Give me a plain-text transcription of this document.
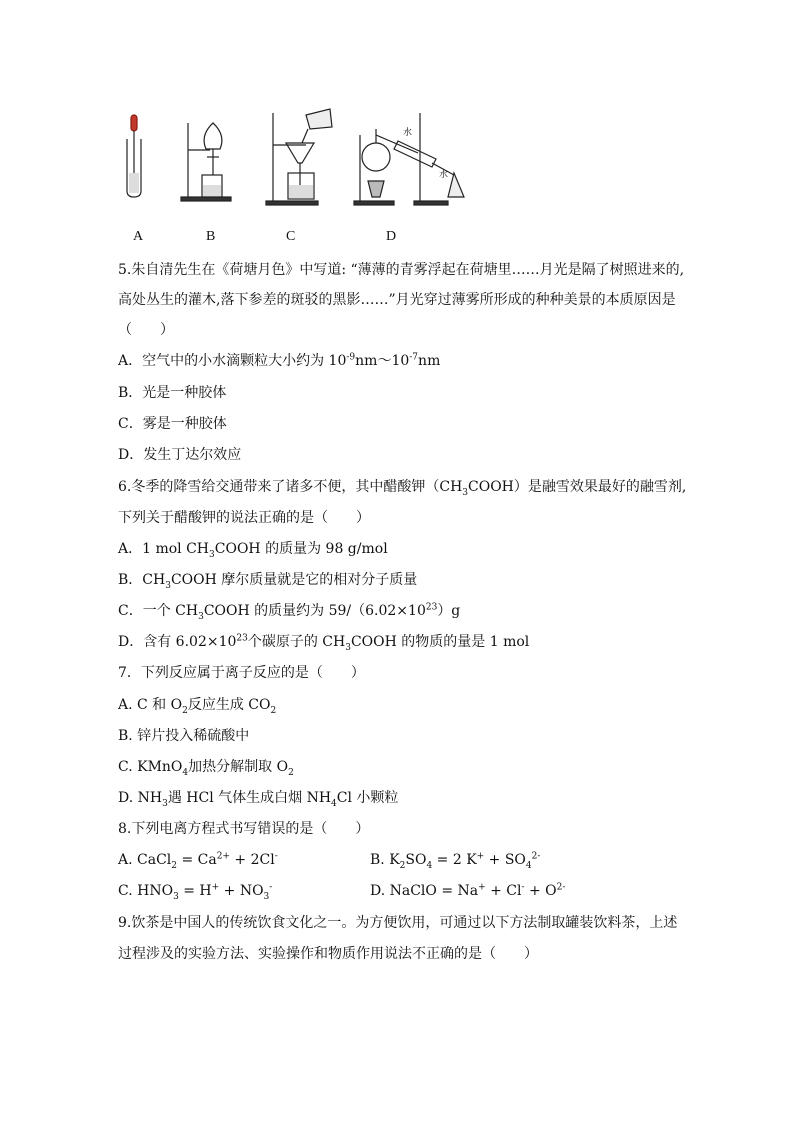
水
水
A	B	C	D
5.朱自清先生在《荷塘月色》中写道: “薄薄的青雾浮起在荷塘里……月光是隔了树照进来的,
高处丛生的灌木,落下参差的斑驳的黑影……”月光穿过薄雾所形成的种种美景的本质原因是
（　　）
A．空气中的小水滴颗粒大小约为 $10^{-9}nm\sim 10^{-7}nm$
B．光是一种胶体
C．雾是一种胶体
D．发生丁达尔效应
6.冬季的降雪给交通带来了诸多不便，其中醋酸钾$(CH_3COOH)$是融雪效果最好的融雪剂,
下列关于醋酸钾的说法正确的是（　　）
A．1 mol $CH_3COOH$ 的质量为 98 g/mol
B．$CH_3COOH$ 摩尔质量就是它的相对分子质量
C．一个 $CH_3COOH$ 的质量约为 $59/(6.02\times 10^{23})g$
D．含有 $6.02\times 10^{23}$个碳原子的 $CH_3COOH$ 的物质的量是 1 mol
7．下列反应属于离子反应的是（　　）
A. C 和 $O_2$反应生成 $CO_2$
B. 锌片投入稀硫酸中
C. KMnO$_4$加热分解制取 $O_2$
D. $NH_3$遇 HCl 气体生成白烟 $NH_4Cl$ 小颗粒
8.下列电离方程式书写错误的是（　　）
A. CaCl$_2$ = $Ca^{2+} + 2Cl^-$	B. $K_2SO_4 = 2$ $K^+ + SO_4^{2-}$
C. $HNO_3 = H^+ + NO_3^-$	D. NaClO = $Na^+ + Cl^- + O^{2-}$
9.饮茶是中国人的传统饮食文化之一。为方便饮用，可通过以下方法制取罐装饮料茶，上述
过程涉及的实验方法、实验操作和物质作用说法不正确的是（　　）
